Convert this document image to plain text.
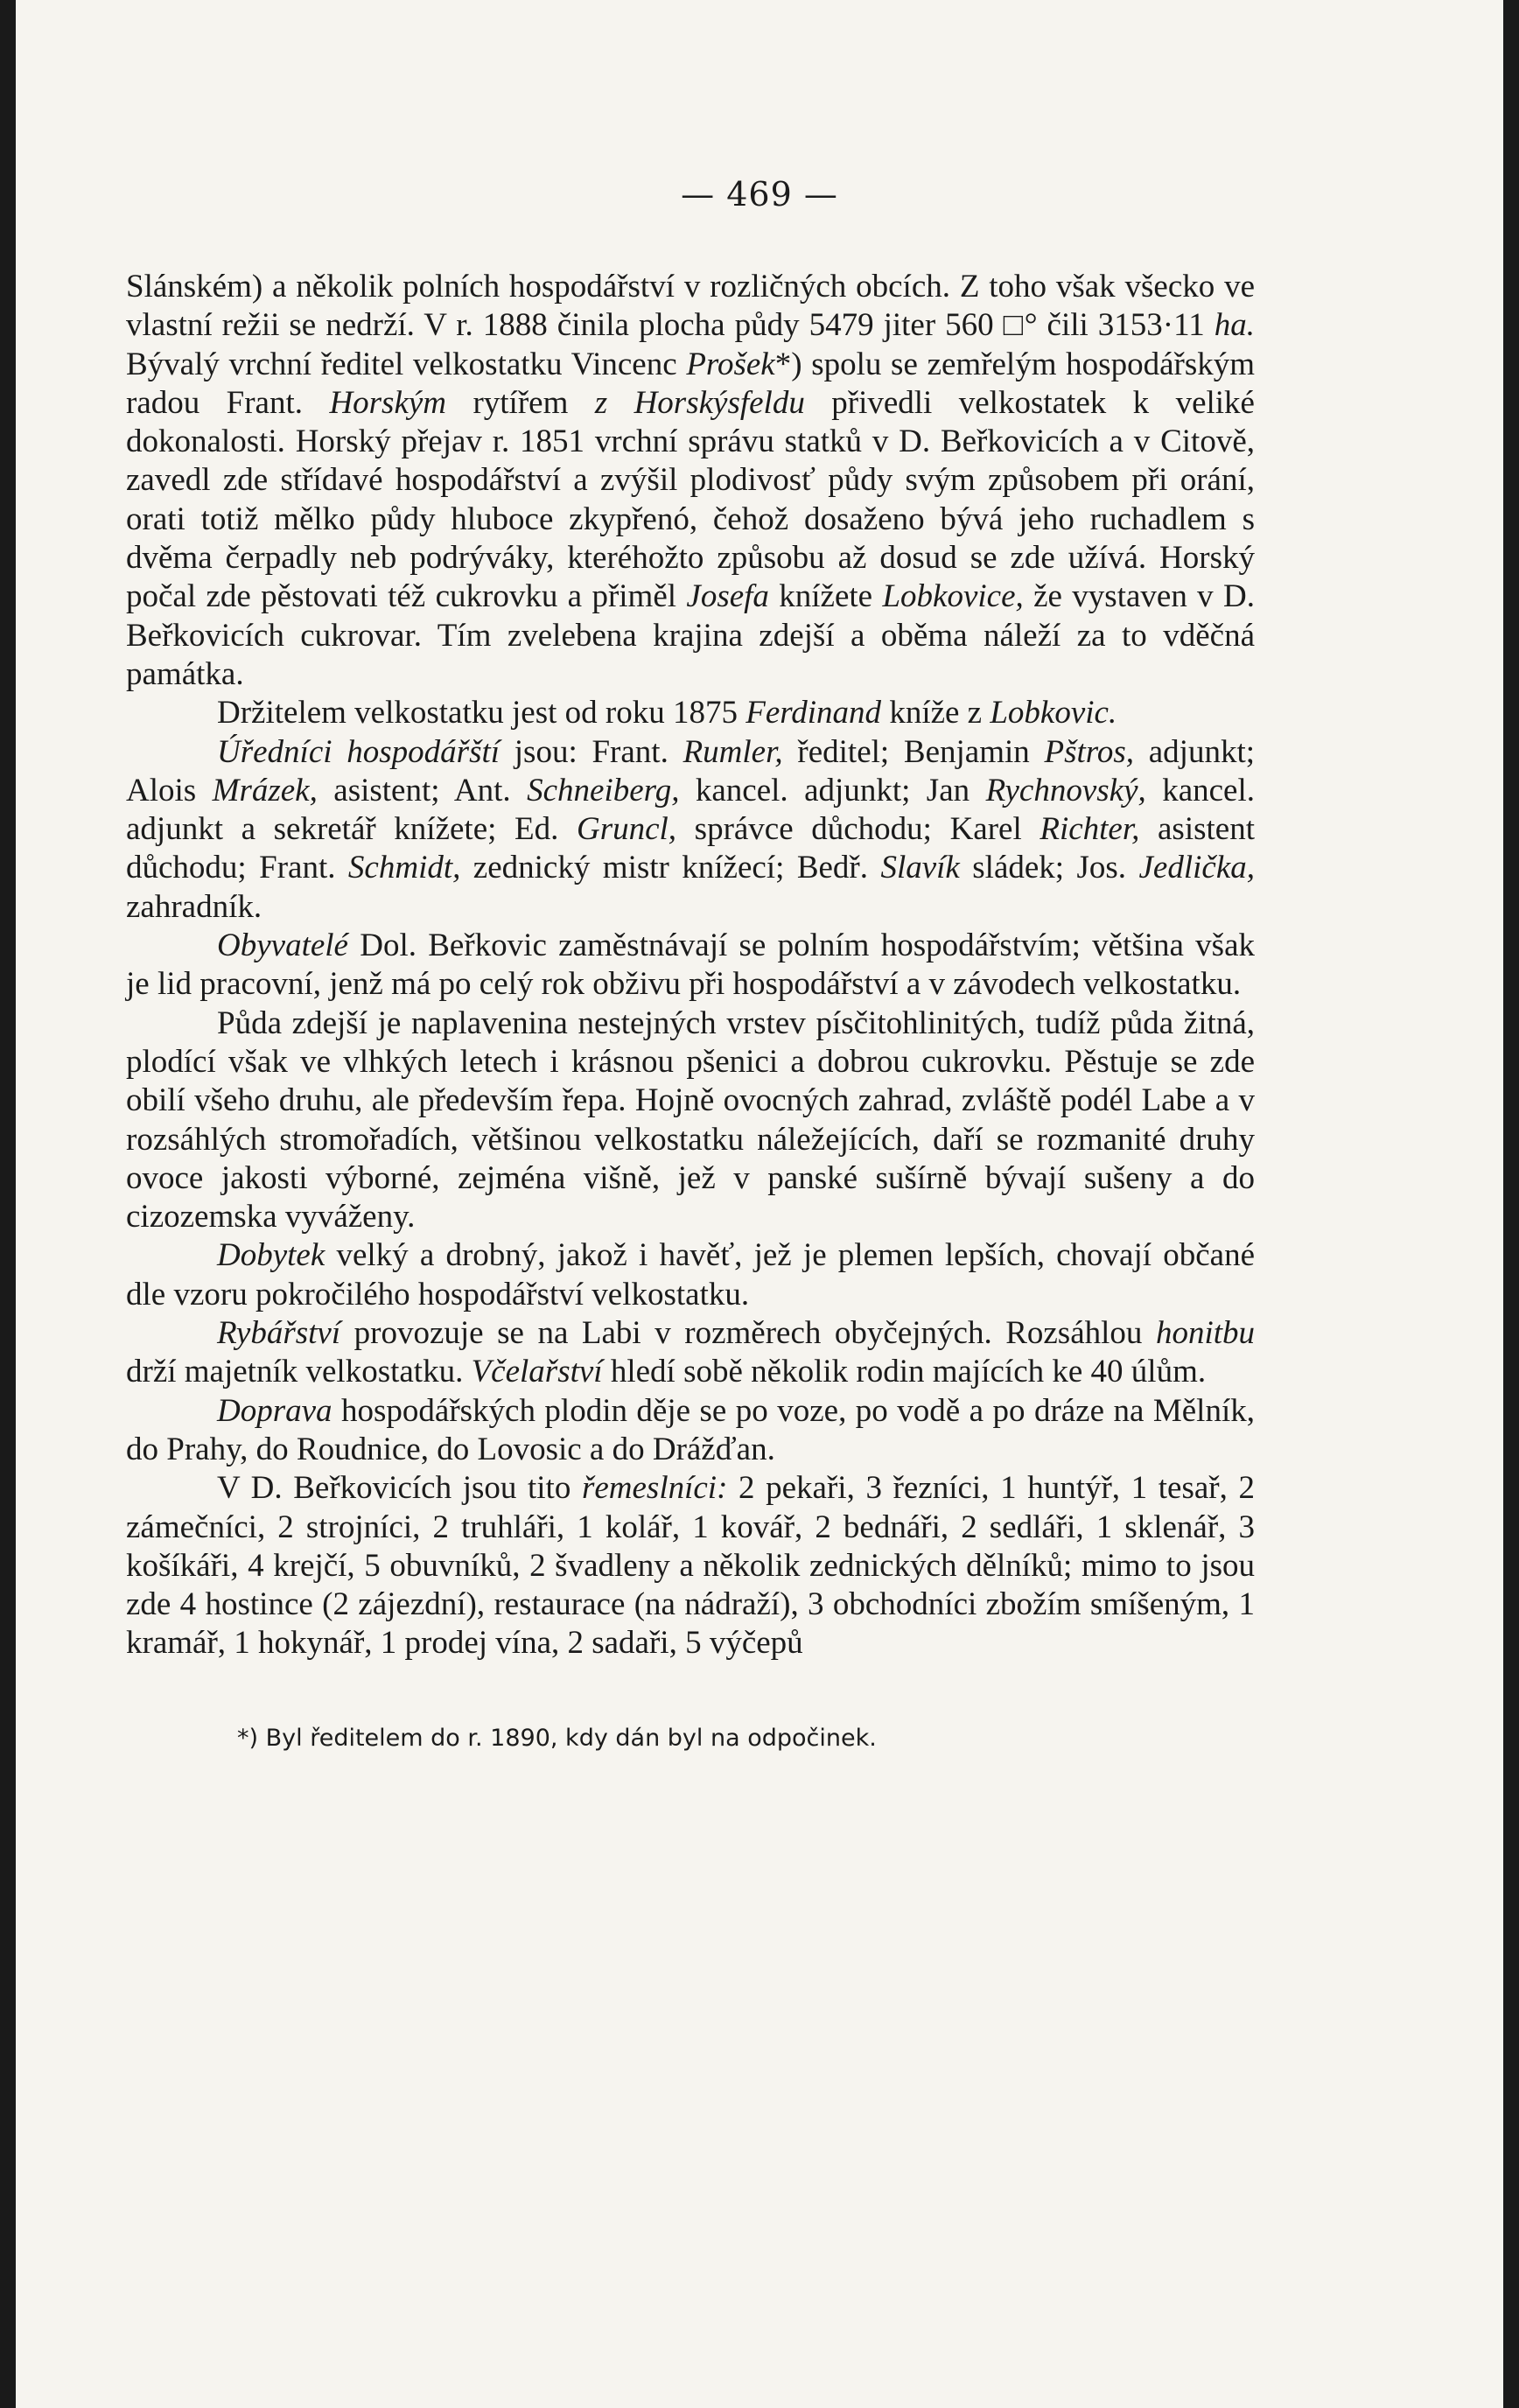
— 469 —

Slánském) a několik polních hospodářství v rozličných obcích. Z toho však všecko ve vlastní režii se nedrží. V r. 1888 činila plocha půdy 5479 jiter 560 □° čili 3153·11 ha. Bývalý vrchní ředitel velkostatku Vincenc Prošek*) spolu se zemřelým hospodářským radou Frant. Horským rytířem z Horskýsfeldu přivedli velkostatek k veliké dokonalosti. Horský přejav r. 1851 vrchní správu statků v D. Beřkovicích a v Citově, zavedl zde střídavé hospodářství a zvýšil plodivosť půdy svým způsobem při orání, orati totiž mělko půdy hluboce zkypřenó, čehož dosaženo bývá jeho ruchadlem s dvěma čerpadly neb podrýváky, kteréhožto způsobu až dosud se zde užívá. Horský počal zde pěstovati též cukrovku a přiměl Josefa knížete Lobkovice, že vystaven v D. Beřkovicích cukrovar. Tím zvelebena krajina zdejší a oběma náleží za to vděčná památka.

Držitelem velkostatku jest od roku 1875 Ferdinand kníže z Lobkovic.

Úředníci hospodářští jsou: Frant. Rumler, ředitel; Benjamin Pštros, adjunkt; Alois Mrázek, asistent; Ant. Schneiberg, kancel. adjunkt; Jan Rychnovský, kancel. adjunkt a sekretář knížete; Ed. Gruncl, správce důchodu; Karel Richter, asistent důchodu; Frant. Schmidt, zednický mistr knížecí; Bedř. Slavík sládek; Jos. Jedlička, zahradník.

Obyvatelé Dol. Beřkovic zaměstnávají se polním hospodářstvím; většina však je lid pracovní, jenž má po celý rok obživu při hospodářství a v závodech velkostatku.

Půda zdejší je naplavenina nestejných vrstev písčitohlinitých, tudíž půda žitná, plodící však ve vlhkých letech i krásnou pšenici a dobrou cukrovku. Pěstuje se zde obilí všeho druhu, ale především řepa. Hojně ovocných zahrad, zvláště podél Labe a v rozsáhlých stromořadích, většinou velkostatku náležejících, daří se rozmanité druhy ovoce jakosti výborné, zejména višně, jež v panské sušírně bývají sušeny a do cizozemska vyváženy.

Dobytek velký a drobný, jakož i havěť, jež je plemen lepších, chovají občané dle vzoru pokročilého hospodářství velkostatku.

Rybářství provozuje se na Labi v rozměrech obyčejných. Rozsáhlou honitbu drží majetník velkostatku. Včelařství hledí sobě několik rodin majících ke 40 úlům.

Doprava hospodářských plodin děje se po voze, po vodě a po dráze na Mělník, do Prahy, do Roudnice, do Lovosic a do Drážďan.

V D. Beřkovicích jsou tito řemeslníci: 2 pekaři, 3 řezníci, 1 huntýř, 1 tesař, 2 zámečníci, 2 strojníci, 2 truhláři, 1 kolář, 1 kovář, 2 bednáři, 2 sedláři, 1 sklenář, 3 košíkáři, 4 krejčí, 5 obuvníků, 2 švadleny a několik zednických dělníků; mimo to jsou zde 4 hostince (2 zájezdní), restaurace (na nádraží), 3 obchodníci zbožím smíšeným, 1 kramář, 1 hokynář, 1 prodej vína, 2 sadaři, 5 výčepů

*) Byl ředitelem do r. 1890, kdy dán byl na odpočinek.
